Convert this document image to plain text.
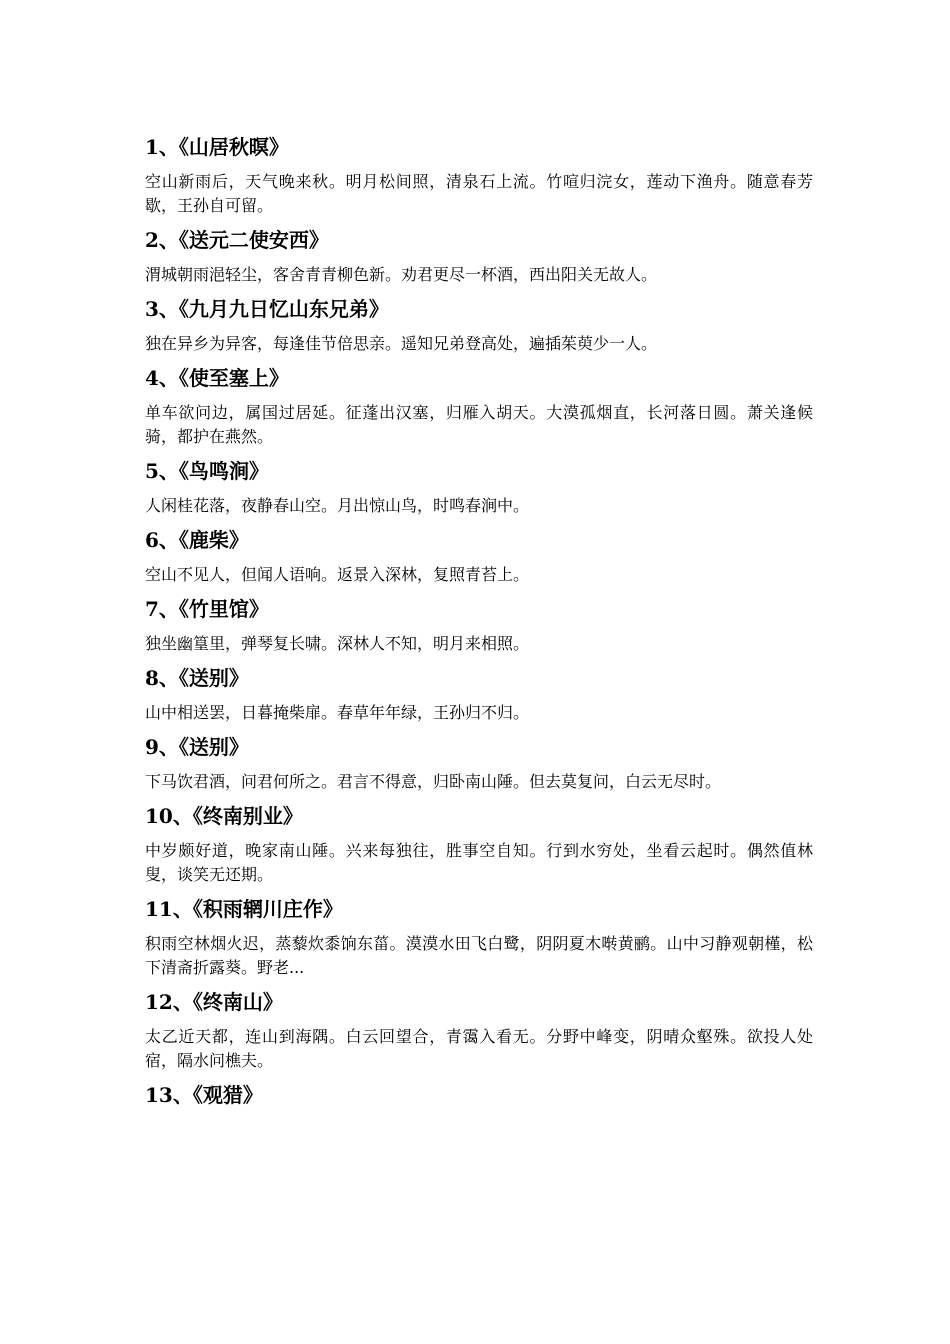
1、《山居秋暝》
空山新雨后，天气晚来秋。明月松间照，清泉石上流。竹喧归浣女，莲动下渔舟。随意春芳歇，王孙自可留。
2、《送元二使安西》
渭城朝雨浥轻尘，客舍青青柳色新。劝君更尽一杯酒，西出阳关无故人。
3、《九月九日忆山东兄弟》
独在异乡为异客，每逢佳节倍思亲。遥知兄弟登高处，遍插茱萸少一人。
4、《使至塞上》
单车欲问边，属国过居延。征蓬出汉塞，归雁入胡天。大漠孤烟直，长河落日圆。萧关逢候骑，都护在燕然。
5、《鸟鸣涧》
人闲桂花落，夜静春山空。月出惊山鸟，时鸣春涧中。
6、《鹿柴》
空山不见人，但闻人语响。返景入深林，复照青苔上。
7、《竹里馆》
独坐幽篁里，弹琴复长啸。深林人不知，明月来相照。
8、《送别》
山中相送罢，日暮掩柴扉。春草年年绿，王孙归不归。
9、《送别》
下马饮君酒，问君何所之。君言不得意，归卧南山陲。但去莫复问，白云无尽时。
10、《终南别业》
中岁颇好道，晚家南山陲。兴来每独往，胜事空自知。行到水穷处，坐看云起时。偶然值林叟，谈笑无还期。
11、《积雨辋川庄作》
积雨空林烟火迟，蒸藜炊黍饷东菑。漠漠水田飞白鹭，阴阴夏木啭黄鹂。山中习静观朝槿，松下清斋折露葵。野老...
12、《终南山》
太乙近天都，连山到海隅。白云回望合，青霭入看无。分野中峰变，阴晴众壑殊。欲投人处宿，隔水问樵夫。
13、《观猎》
